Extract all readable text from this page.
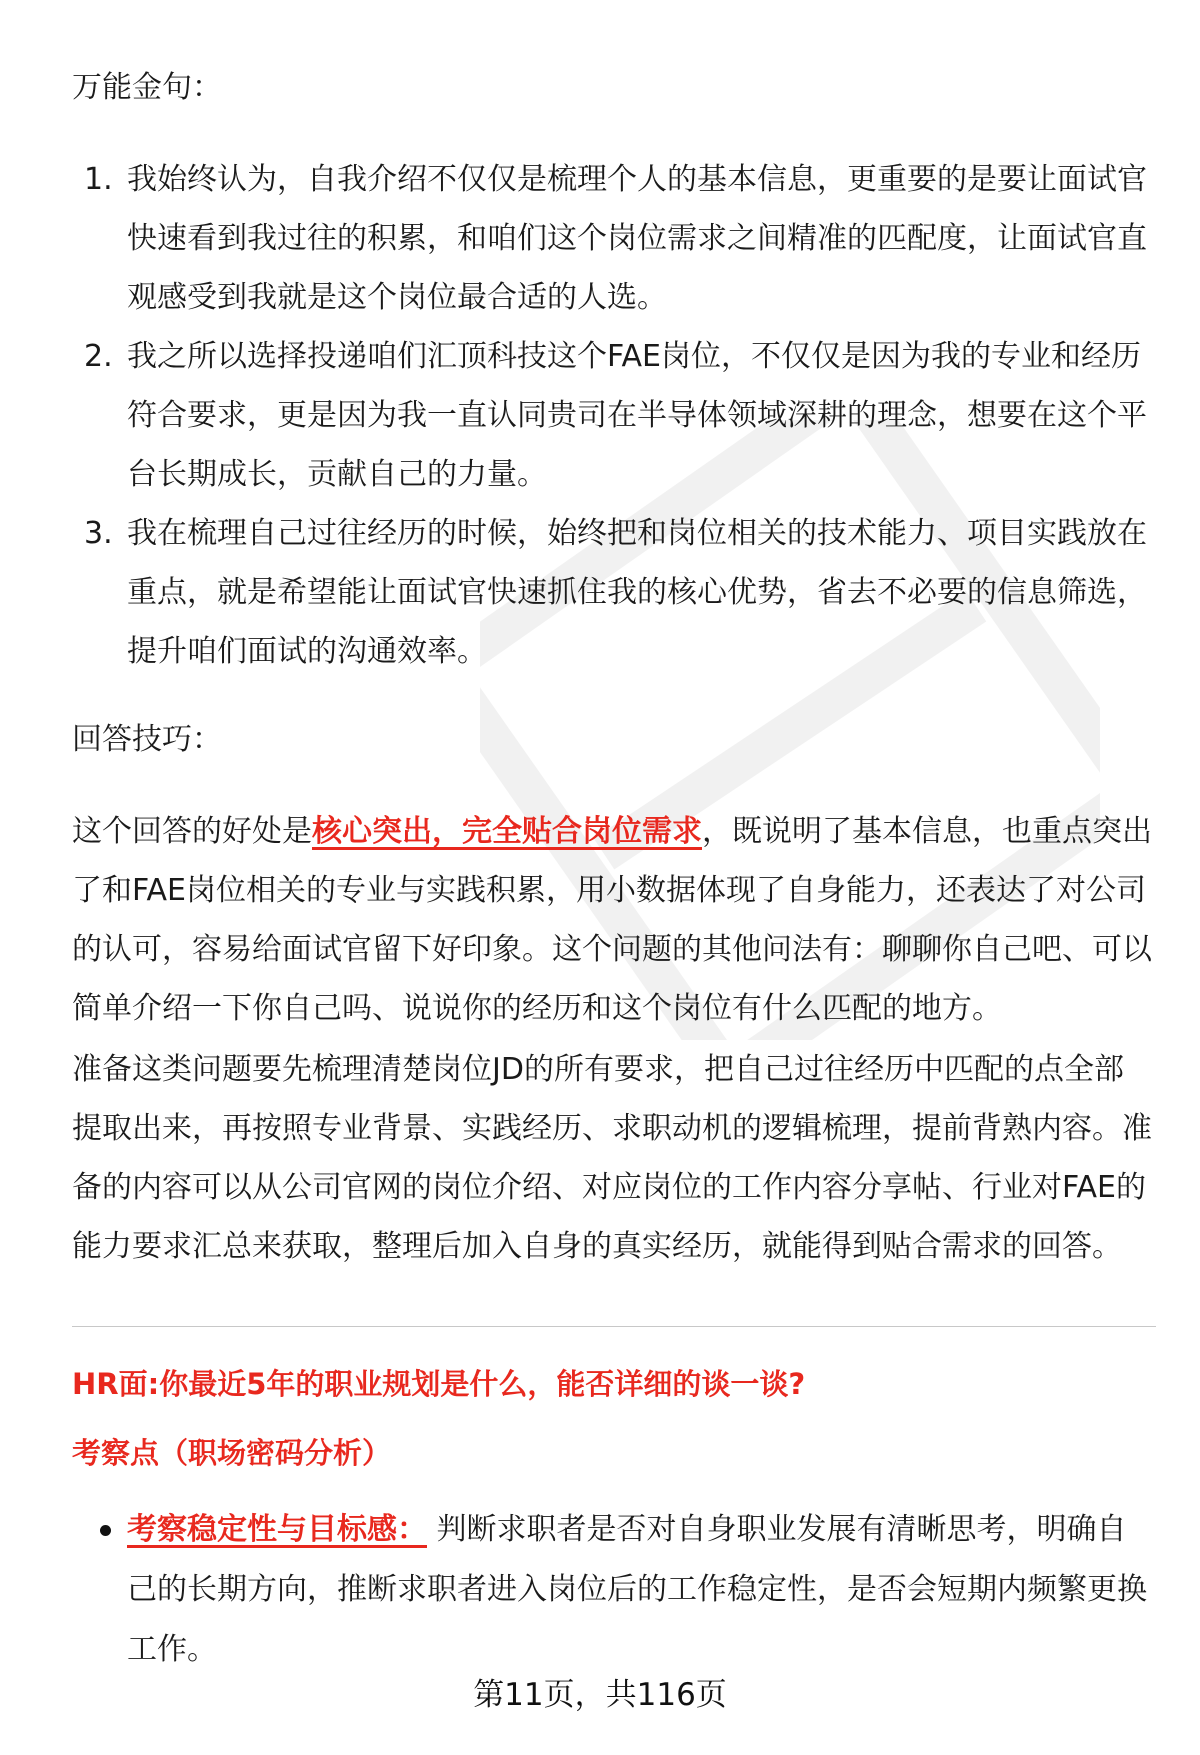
万能金句：
1. 我始终认为，自我介绍不仅仅是梳理个人的基本信息，更重要的是要让面试官快速看到我过往的积累，和咱们这个岗位需求之间精准的匹配度，让面试官直观感受到我就是这个岗位最合适的人选。
2. 我之所以选择投递咱们汇顶科技这个FAE岗位，不仅仅是因为我的专业和经历符合要求，更是因为我一直认同贵司在半导体领域深耕的理念，想要在这个平台长期成长，贡献自己的力量。
3. 我在梳理自己过往经历的时候，始终把和岗位相关的技术能力、项目实践放在重点，就是希望能让面试官快速抓住我的核心优势，省去不必要的信息筛选，提升咱们面试的沟通效率。
回答技巧：
这个回答的好处是核心突出，完全贴合岗位需求，既说明了基本信息，也重点突出了和FAE岗位相关的专业与实践积累，用小数据体现了自身能力，还表达了对公司的认可，容易给面试官留下好印象。这个问题的其他问法有：聊聊你自己吧、可以简单介绍一下你自己吗、说说你的经历和这个岗位有什么匹配的地方。
准备这类问题要先梳理清楚岗位JD的所有要求，把自己过往经历中匹配的点全部提取出来，再按照专业背景、实践经历、求职动机的逻辑梳理，提前背熟内容。准备的内容可以从公司官网的岗位介绍、对应岗位的工作内容分享帖、行业对FAE的能力要求汇总来获取，整理后加入自身的真实经历，就能得到贴合需求的回答。
HR面:你最近5年的职业规划是什么，能否详细的谈一谈?
考察点（职场密码分析）
考察稳定性与目标感： 判断求职者是否对自身职业发展有清晰思考，明确自己的长期方向，推断求职者进入岗位后的工作稳定性，是否会短期内频繁更换工作。
第11页，共116页
